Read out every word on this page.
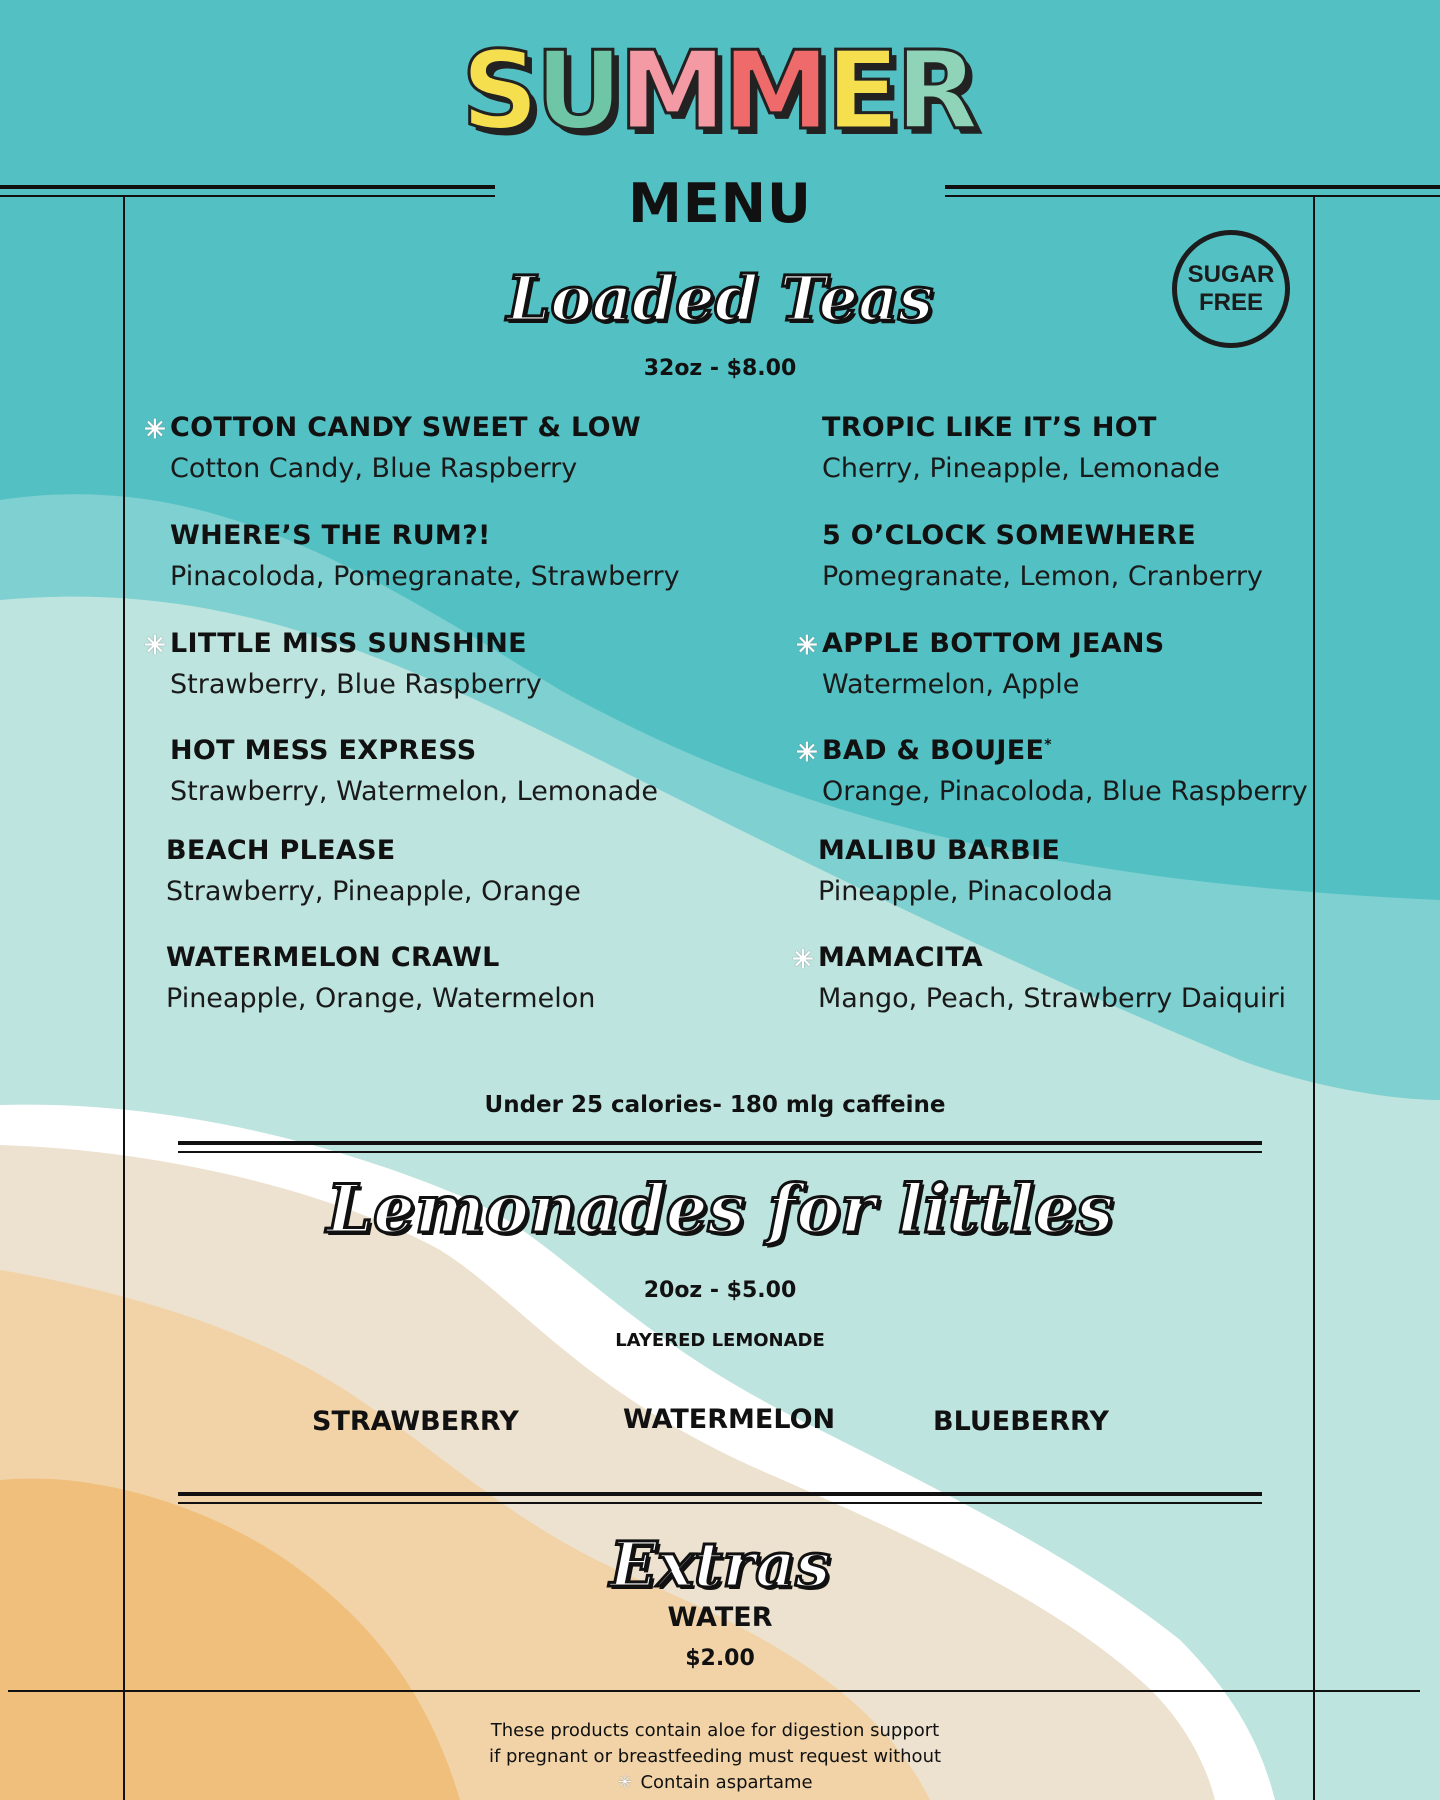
SUMMER
MENU
SUGAR
FREE
Loaded Teas
32oz - $8.00
✳ COTTON CANDY SWEET & LOW
Cotton Candy, Blue Raspberry
WHERE’S THE RUM?!
Pinacoloda, Pomegranate, Strawberry
✳ LITTLE MISS SUNSHINE
Strawberry, Blue Raspberry
HOT MESS EXPRESS
Strawberry, Watermelon, Lemonade
BEACH PLEASE
Strawberry, Pineapple, Orange
WATERMELON CRAWL
Pineapple, Orange, Watermelon
TROPIC LIKE IT’S HOT
Cherry, Pineapple, Lemonade
5 O’CLOCK SOMEWHERE
Pomegranate, Lemon, Cranberry
✳ APPLE BOTTOM JEANS
Watermelon, Apple
✳ BAD & BOUJEE*
Orange, Pinacoloda, Blue Raspberry
MALIBU BARBIE
Pineapple, Pinacoloda
✳ MAMACITA
Mango, Peach, Strawberry Daiquiri
Under 25 calories- 180 mlg caffeine
Lemonades for littles
20oz - $5.00
LAYERED LEMONADE
STRAWBERRY	WATERMELON	BLUEBERRY
Extras
WATER
$2.00
These products contain aloe for digestion support
if pregnant or breastfeeding must request without
✳ Contain aspartame
